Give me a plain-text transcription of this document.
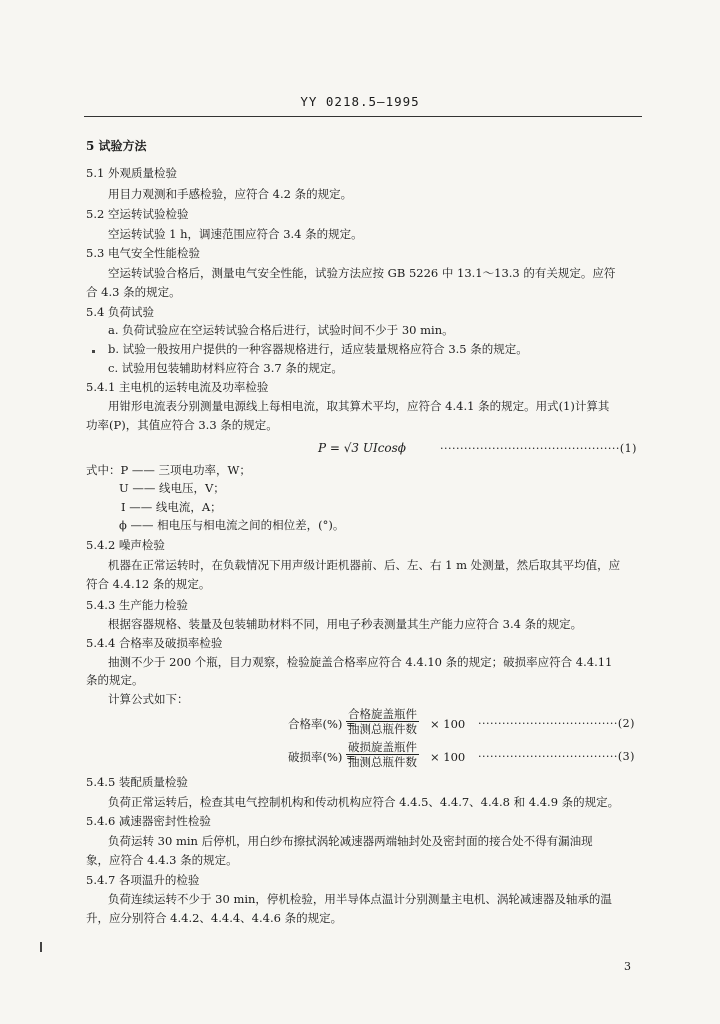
YY 0218.5—1995
5 试验方法
5.1 外观质量检验
用目力观测和手感检验，应符合 4.2 条的规定。
5.2 空运转试验检验
空运转试验 1 h，调速范围应符合 3.4 条的规定。
5.3 电气安全性能检验
空运转试验合格后，测量电气安全性能，试验方法应按 GB 5226 中 13.1～13.3 的有关规定。应符
合 4.3 条的规定。
5.4 负荷试验
a. 负荷试验应在空运转试验合格后进行，试验时间不少于 30 min。
b. 试验一般按用户提供的一种容器规格进行，适应装量规格应符合 3.5 条的规定。
c. 试验用包装辅助材料应符合 3.7 条的规定。
5.4.1 主电机的运转电流及功率检验
用钳形电流表分别测量电源线上每相电流，取其算术平均，应符合 4.4.1 条的规定。用式(1)计算其
功率(P)，其值应符合 3.3 条的规定。
P = √3 UIcosϕ	·············································(1)
式中：P —— 三项电功率，W；
U —— 线电压，V；
I —— 线电流，A；
ϕ —— 相电压与相电流之间的相位差，(°)。
5.4.2 噪声检验
机器在正常运转时，在负载情况下用声级计距机器前、后、左、右 1 m 处测量，然后取其平均值，应
符合 4.4.12 条的规定。
5.4.3 生产能力检验
根据容器规格、装量及包装辅助材料不同，用电子秒表测量其生产能力应符合 3.4 条的规定。
5.4.4 合格率及破损率检验
抽测不少于 200 个瓶，目力观察，检验旋盖合格率应符合 4.4.10 条的规定；破损率应符合 4.4.11
条的规定。
计算公式如下：
合格率(%) =
合格旋盖瓶件
抽测总瓶件数 × 100 ···································(2)
破损率(%) =
破损旋盖瓶件
抽测总瓶件数 × 100 ···································(3)
5.4.5 装配质量检验
负荷正常运转后，检查其电气控制机构和传动机构应符合 4.4.5、4.4.7、4.4.8 和 4.4.9 条的规定。
5.4.6 减速器密封性检验
负荷运转 30 min 后停机，用白纱布擦拭涡轮减速器两端轴封处及密封面的接合处不得有漏油现
象，应符合 4.4.3 条的规定。
5.4.7 各项温升的检验
负荷连续运转不少于 30 min，停机检验，用半导体点温计分别测量主电机、涡轮减速器及轴承的温
升，应分别符合 4.4.2、4.4.4、4.4.6 条的规定。
3
